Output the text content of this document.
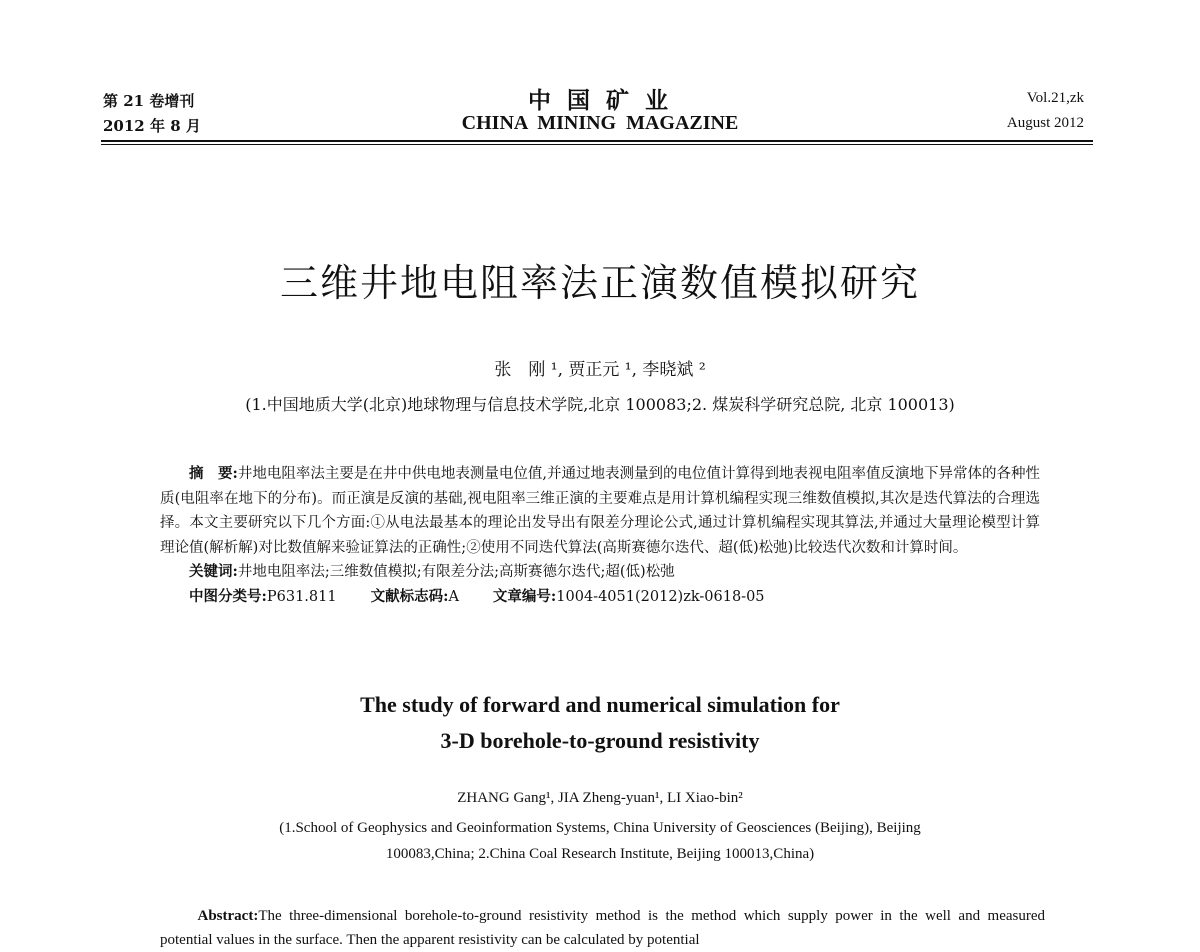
第 21 卷增刊
2012 年 8 月
中 国 矿 业
CHINA  MINING  MAGAZINE
Vol.21,zk
August 2012
三维井地电阻率法正演数值模拟研究
张　刚 ¹, 贾正元 ¹, 李晓斌 ²
(1.中国地质大学(北京)地球物理与信息技术学院,北京 100083;2. 煤炭科学研究总院, 北京 100013)

摘　要:井地电阻率法主要是在井中供电地表测量电位值,并通过地表测量到的电位值计算得到地表视电阻率值反演地下异常体的各种性质(电阻率在地下的分布)。而正演是反演的基础,视电阻率三维正演的主要难点是用计算机编程实现三维数值模拟,其次是迭代算法的合理选择。本文主要研究以下几个方面:①从电法最基本的理论出发导出有限差分理论公式,通过计算机编程实现其算法,并通过大量理论模型计算理论值(解析解)对比数值解来验证算法的正确性;②使用不同迭代算法(高斯赛德尔迭代、超(低)松弛)比较迭代次数和计算时间。

关键词:井地电阻率法;三维数值模拟;有限差分法;高斯赛德尔迭代;超(低)松弛
中图分类号:P631.811 文献标志码:A 文章编号:1004-4051(2012)zk-0618-05
The study of forward and numerical simulation for
3-D borehole-to-ground resistivity
ZHANG Gang¹, JIA Zheng-yuan¹, LI Xiao-bin²
(1.School of Geophysics and Geoinformation Systems, China University of Geosciences (Beijing), Beijing
100083,China; 2.China Coal Research Institute, Beijing 100013,China)

Abstract:The three-dimensional borehole-to-ground resistivity method is the method which supply power in the well and measured potential values in the surface. Then the apparent resistivity can be calculated by potential
